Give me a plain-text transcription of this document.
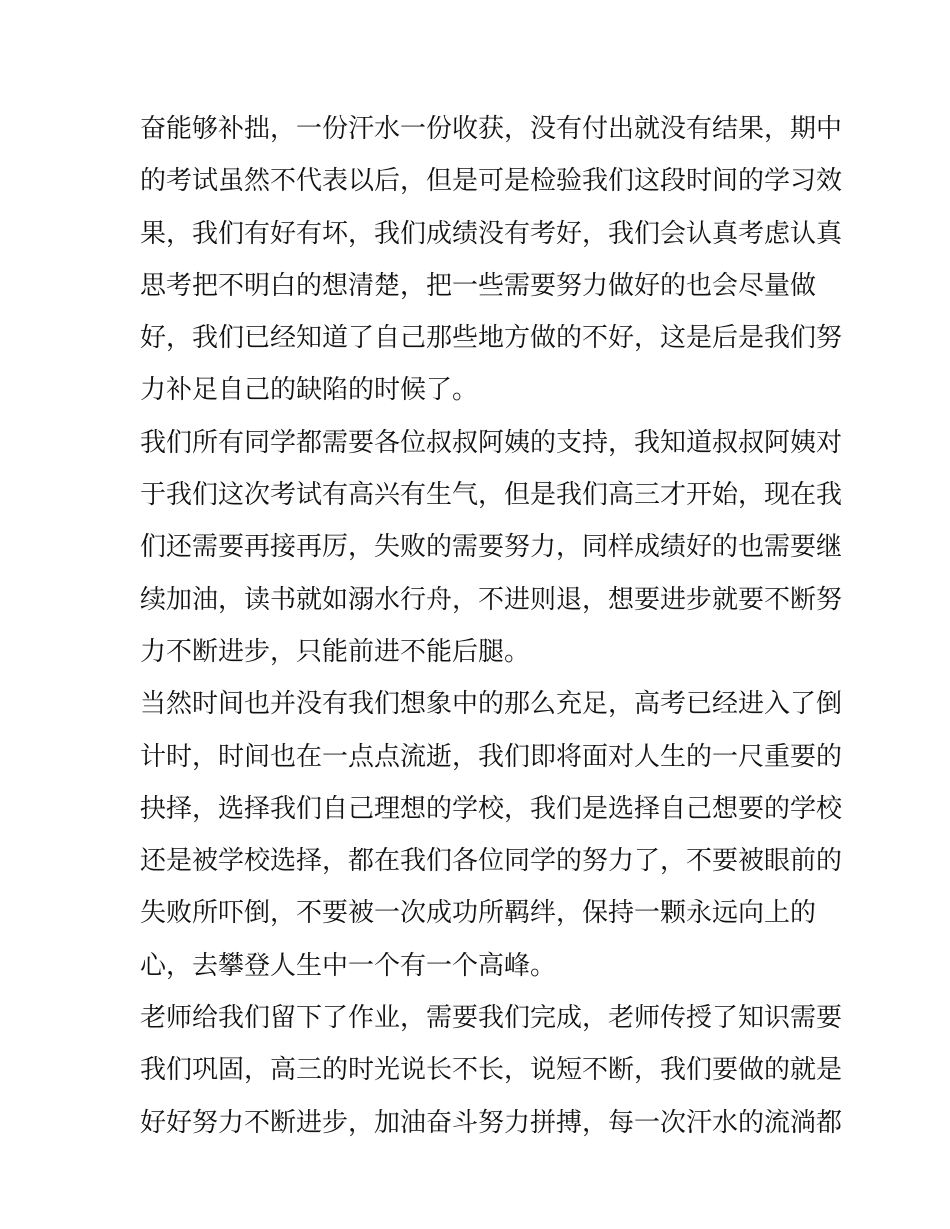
奋能够补拙，一份汗水一份收获，没有付出就没有结果，期中
的考试虽然不代表以后，但是可是检验我们这段时间的学习效
果，我们有好有坏，我们成绩没有考好，我们会认真考虑认真
思考把不明白的想清楚，把一些需要努力做好的也会尽量做
好，我们已经知道了自己那些地方做的不好，这是后是我们努
力补足自己的缺陷的时候了。
我们所有同学都需要各位叔叔阿姨的支持，我知道叔叔阿姨对
于我们这次考试有高兴有生气，但是我们高三才开始，现在我
们还需要再接再厉，失败的需要努力，同样成绩好的也需要继
续加油，读书就如溺水行舟，不进则退，想要进步就要不断努
力不断进步，只能前进不能后腿。
当然时间也并没有我们想象中的那么充足，高考已经进入了倒
计时，时间也在一点点流逝，我们即将面对人生的一尺重要的
抉择，选择我们自己理想的学校，我们是选择自己想要的学校
还是被学校选择，都在我们各位同学的努力了，不要被眼前的
失败所吓倒，不要被一次成功所羁绊，保持一颗永远向上的
心，去攀登人生中一个有一个高峰。
老师给我们留下了作业，需要我们完成，老师传授了知识需要
我们巩固，高三的时光说长不长，说短不断，我们要做的就是
好好努力不断进步，加油奋斗努力拼搏，每一次汗水的流淌都
